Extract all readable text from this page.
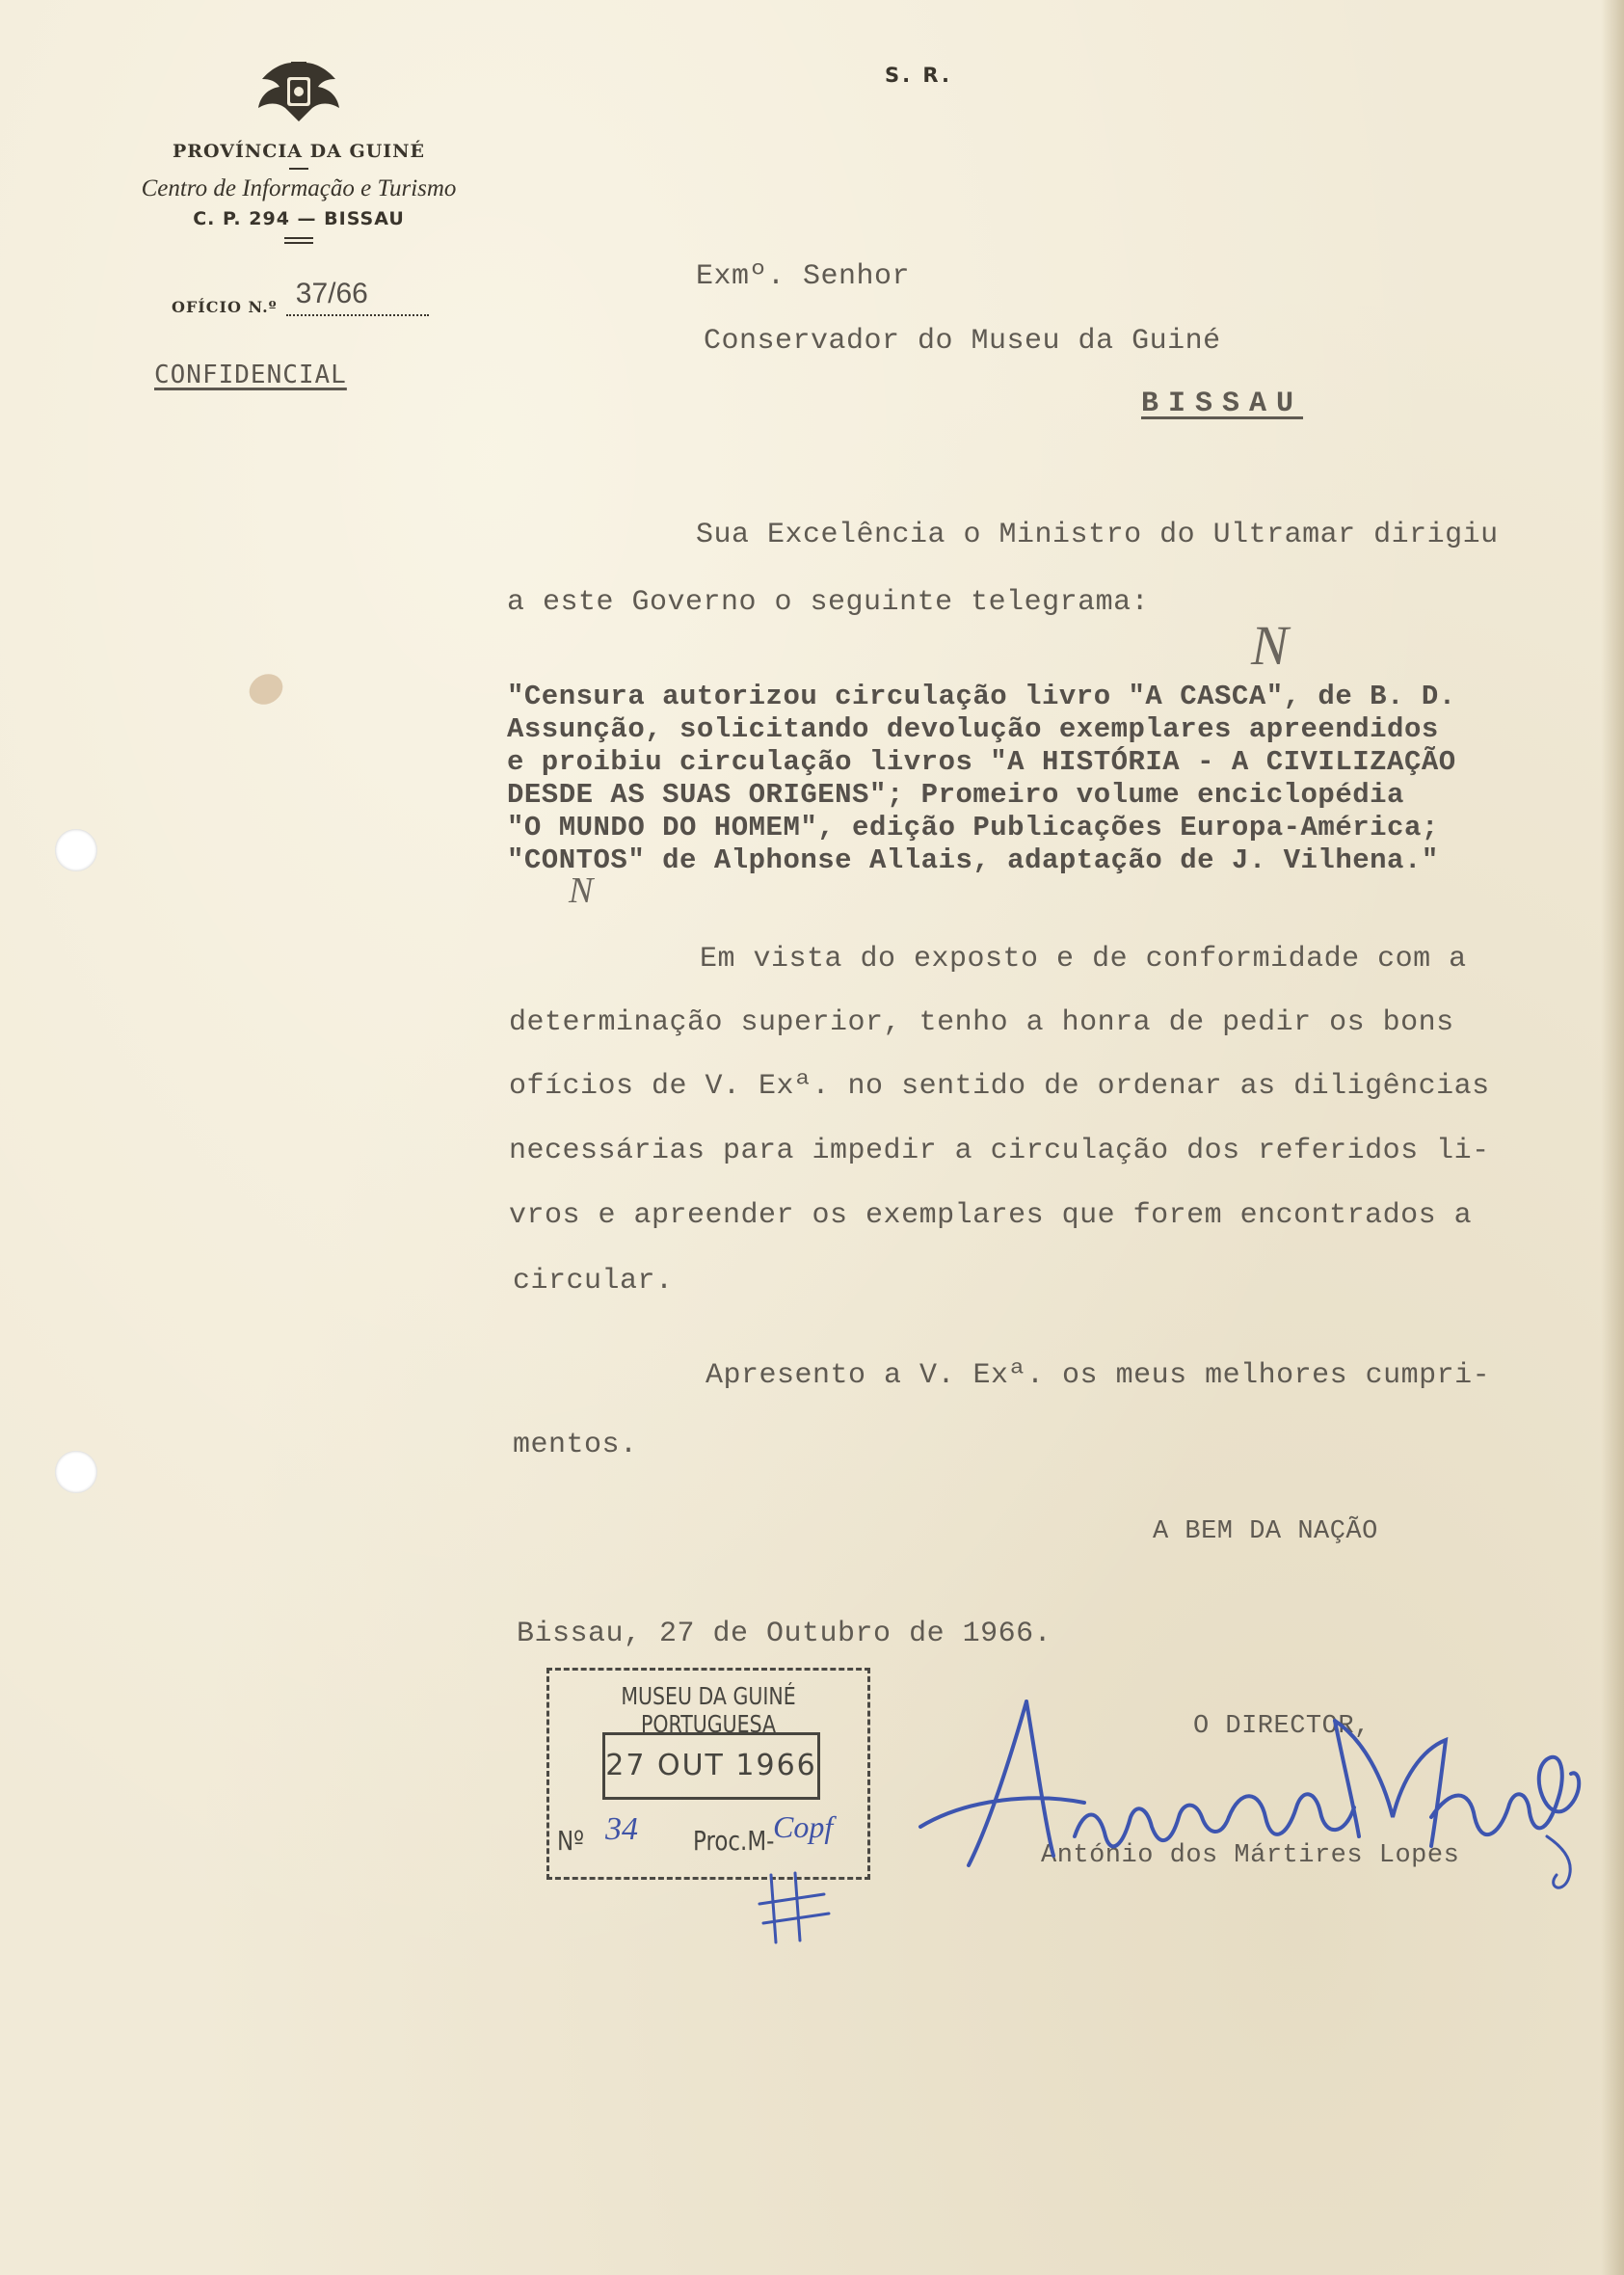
PROVÍNCIA DA GUINÉ
Centro de Informação e Turismo
C. P. 294 — BISSAU
OFÍCIO N.º 37/66
CONFIDENCIAL
S. R.
Exmº. Senhor
Conservador do Museu da Guiné
BISSAU
Sua Excelência o Ministro do Ultramar dirigiu
a este Governo o seguinte telegrama:
"Censura autorizou circulação livro "A CASCA", de B. D.
Assunção, solicitando devolução exemplares apreendidos
e proibiu circulação livros "A HISTÓRIA - A CIVILIZAÇÃO
DESDE AS SUAS ORIGENS"; Promeiro volume enciclopédia
"O MUNDO DO HOMEM", edição Publicações Europa-América;
"CONTOS" de Alphonse Allais, adaptação de J. Vilhena."
N
N
Em vista do exposto e de conformidade com a
determinação superior, tenho a honra de pedir os bons
ofícios de V. Exª. no sentido de ordenar as diligências
necessárias para impedir a circulação dos referidos li-
vros e apreender os exemplares que forem encontrados a
circular.
Apresento a V. Exª. os meus melhores cumpri-
mentos.
A BEM DA NAÇÃO
Bissau, 27 de Outubro de 1966.
O DIRECTOR,
António dos Mártires Lopes
MUSEU DA GUINÉ PORTUGUESA
27 OUT 1966
Nº	Proc.M-
34	Copf
